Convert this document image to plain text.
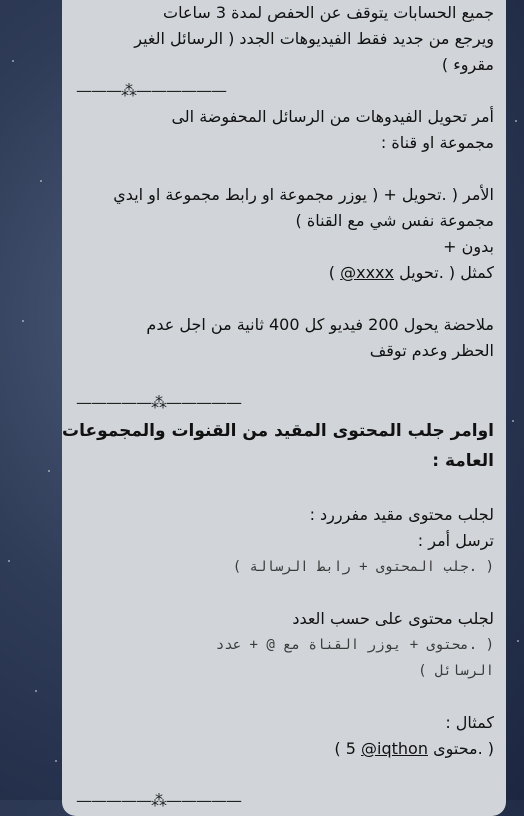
جميع الحسابات يتوقف عن الحفص لمدة 3 ساعات
ويرجع من جديد فقط الفيديوهات الجدد ( الرسائل الغير
مقروء )
———⁂——————
أمر تحويل الفيدوهات من الرسائل المحفوضة الى
مجموعة او قناة :
الأمر ( .تحويل + ( يوزر مجموعة او رابط مجموعة او ايدي
مجموعة نفس شي مع القناة )
بدون +
كمثل ( .تحويل @xxxx )
ملاحضة يحول 200 فيديو كل 400 ثانية من اجل عدم
الحظر وعدم توقف
—————⁂—————
اوامر جلب المحتوى المقيد من القنوات والمجموعات
العامة :
لجلب محتوى مقيد مفرررد :
ترسل أمر :
( .جلب المحتوى + رابط الرسالة )
لجلب محتوى على حسب العدد
( .محتوى + يوزر القناة مع @ + عدد
الرسائل )
كمثال :
( .محتوى @iqthon 5 )
—————⁂—————
